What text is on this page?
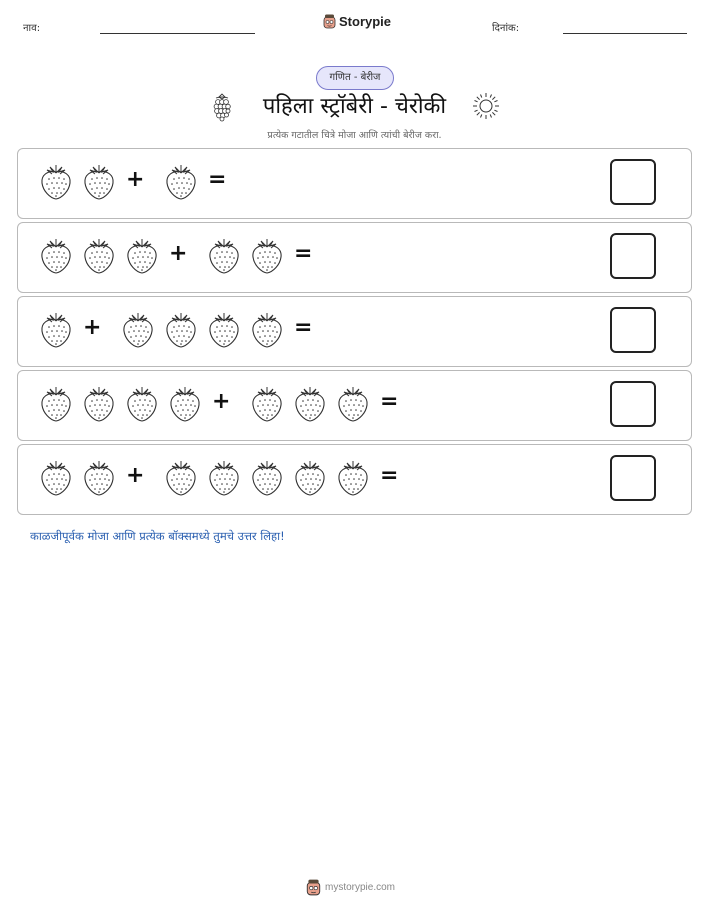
नाव:	Storypie	दिनांक:
गणित - बेरीज
पहिला स्ट्रॉबेरी - चेरोकी
प्रत्येक गटातील चित्रे मोजा आणि त्यांची बेरीज करा.
+	=
+	=
+	=
+	=
+	=
काळजीपूर्वक मोजा आणि प्रत्येक बॉक्समध्ये तुमचे उत्तर लिहा!
mystorypie.com
